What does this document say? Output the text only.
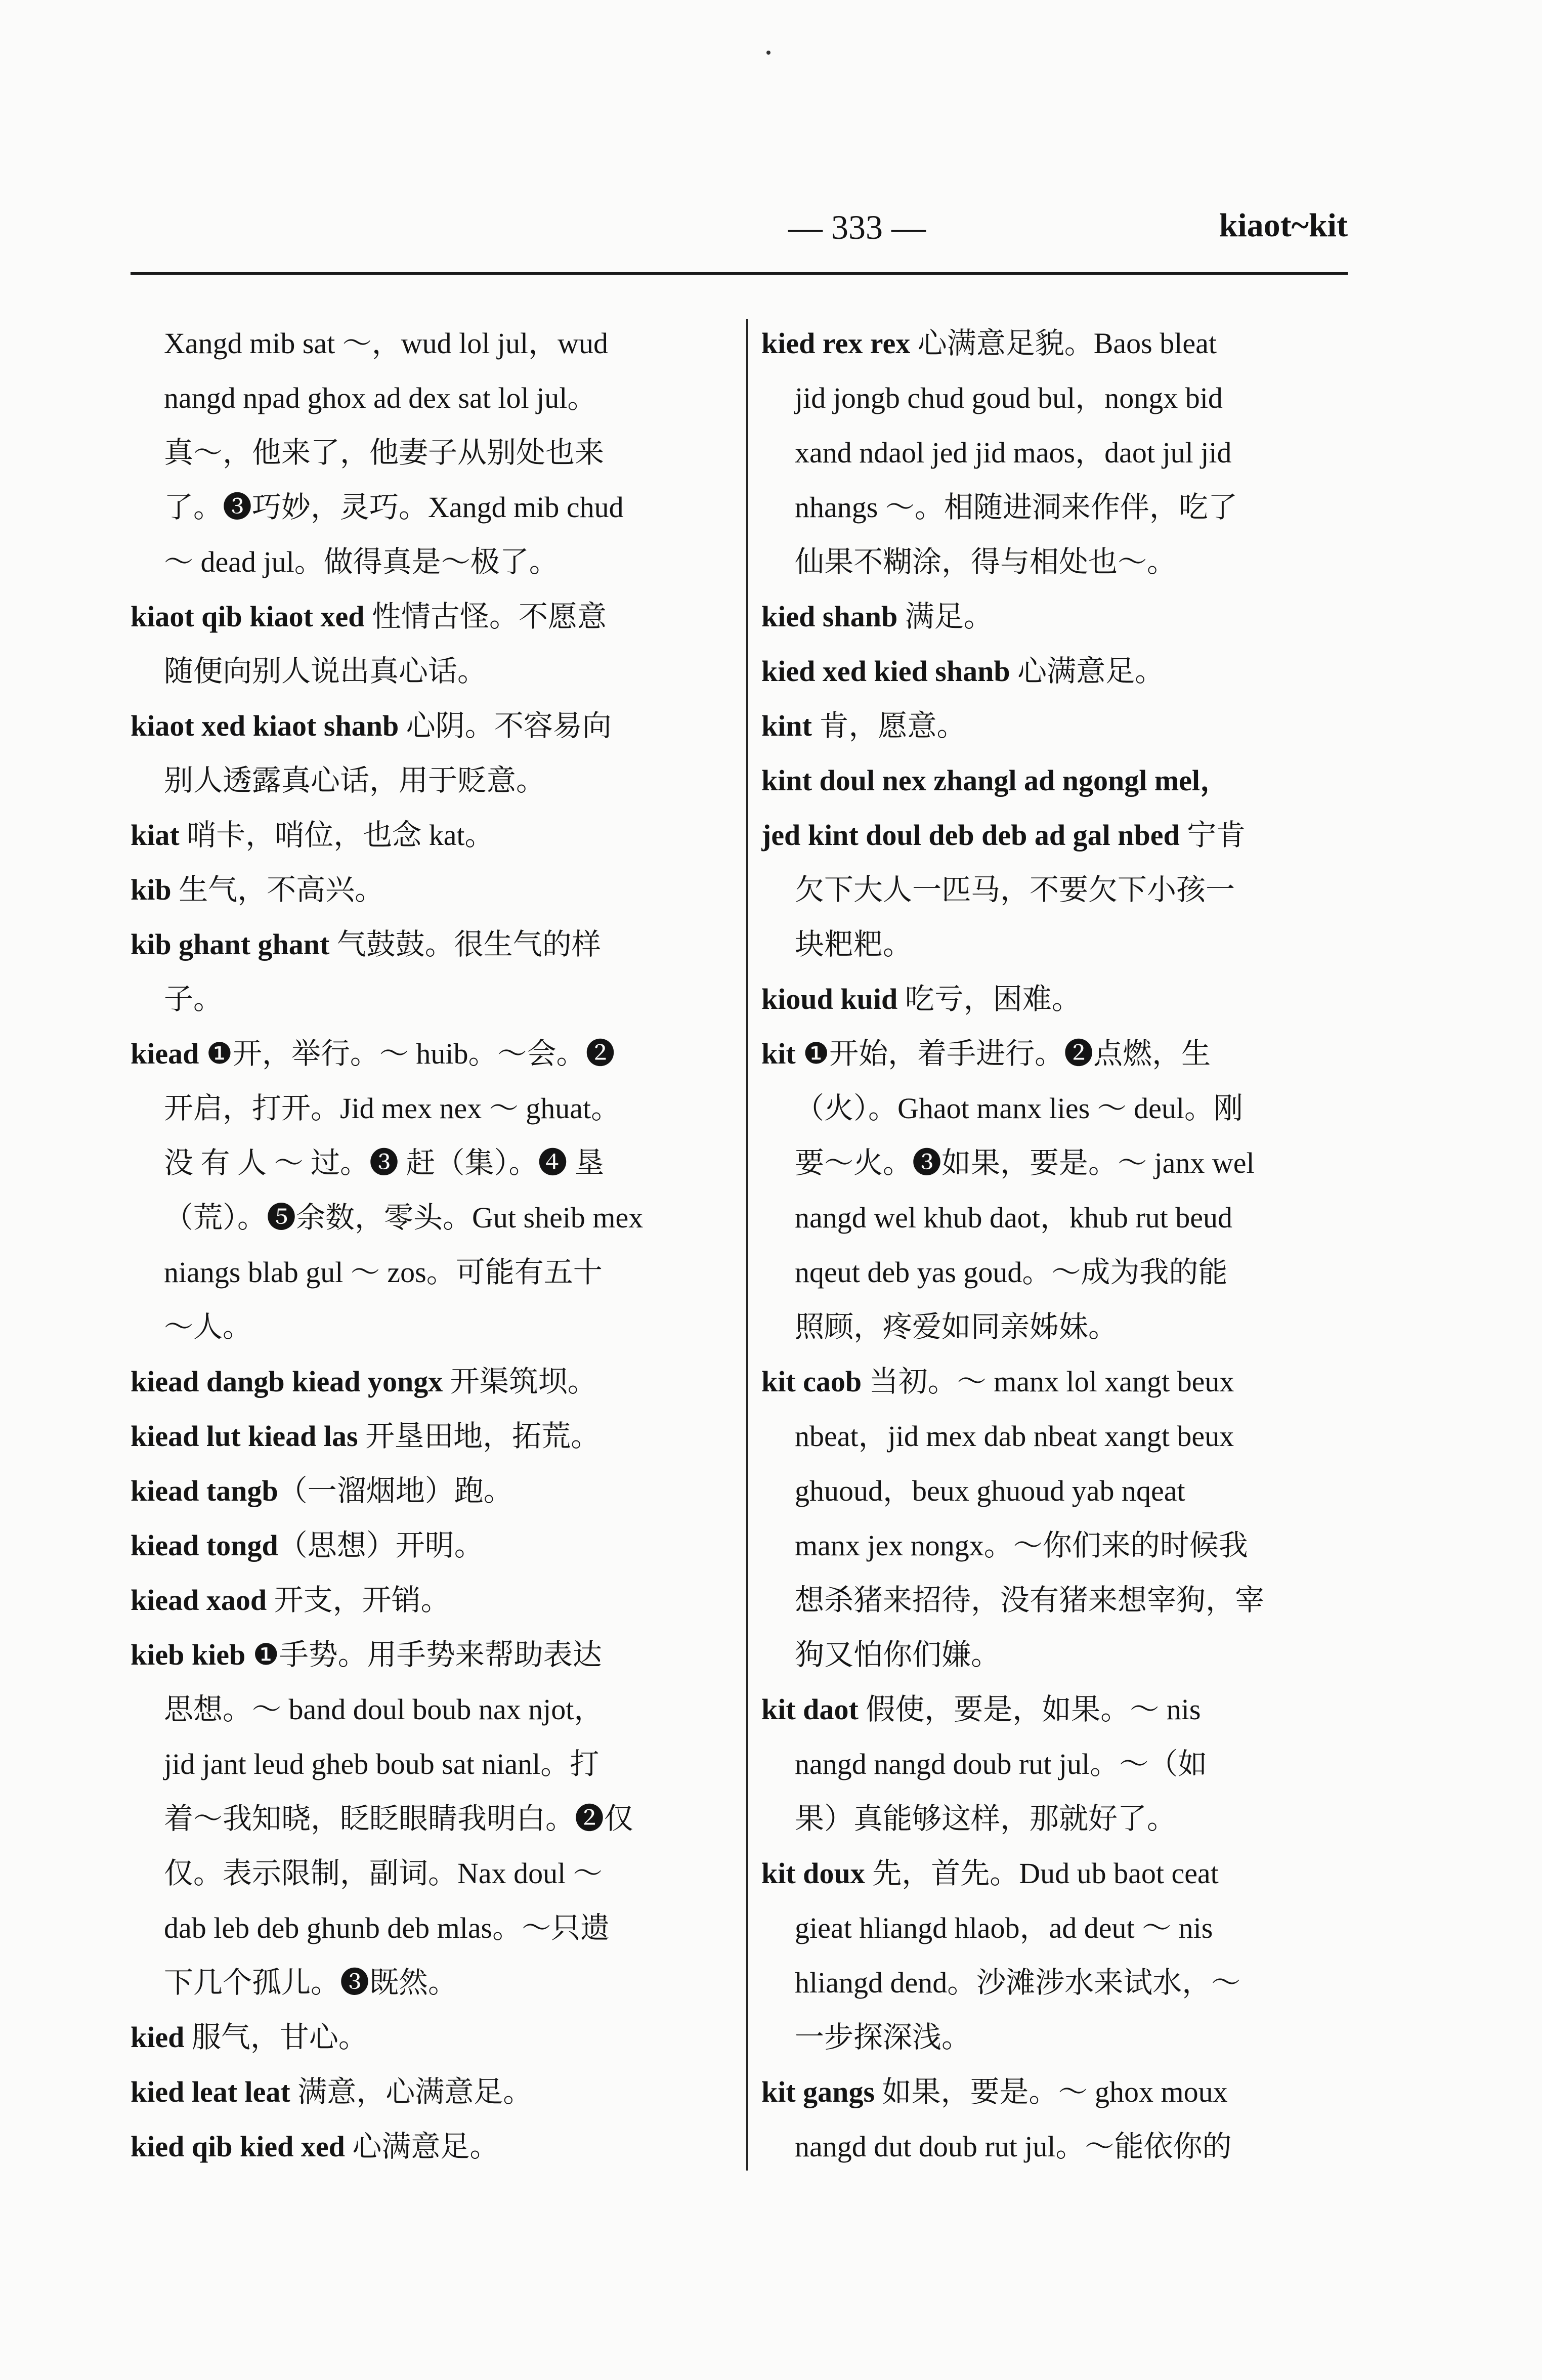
— 333 —	kiaot~kit
Xangd mib sat ～，wud lol jul，wud
nangd npad ghox ad dex sat lol jul。
真～，他来了，他妻子从别处也来
了。❸巧妙，灵巧。Xangd mib chud
～ dead jul。做得真是～极了。
kiaot qib kiaot xed 性情古怪。不愿意
随便向别人说出真心话。
kiaot xed kiaot shanb 心阴。不容易向
别人透露真心话，用于贬意。
kiat 哨卡，哨位，也念 kat。
kib 生气，不高兴。
kib ghant ghant 气鼓鼓。很生气的样
子。
kiead ❶开，举行。～ huib。～会。❷
开启，打开。Jid mex nex ～ ghuat。
没 有 人 ～ 过。❸ 赶（集）。❹ 垦
（荒）。❺余数，零头。Gut sheib mex
niangs blab gul ～ zos。可能有五十
～人。
kiead dangb kiead yongx 开渠筑坝。
kiead lut kiead las 开垦田地，拓荒。
kiead tangb（一溜烟地）跑。
kiead tongd（思想）开明。
kiead xaod 开支，开销。
kieb kieb ❶手势。用手势来帮助表达
思想。～ band doul boub nax njot，
jid jant leud gheb boub sat nianl。打
着～我知晓，眨眨眼睛我明白。❷仅
仅。表示限制，副词。Nax doul ～
dab leb deb ghunb deb mlas。～只遗
下几个孤儿。❸既然。
kied 服气，甘心。
kied leat leat 满意，心满意足。
kied qib kied xed 心满意足。
kied rex rex 心满意足貌。Baos bleat
jid jongb chud goud bul，nongx bid
xand ndaol jed jid maos，daot jul jid
nhangs ～。相随进洞来作伴，吃了
仙果不糊涂，得与相处也～。
kied shanb 满足。
kied xed kied shanb 心满意足。
kint 肯，愿意。
kint doul nex zhangl ad ngongl mel，
jed kint doul deb deb ad gal nbed 宁肯
欠下大人一匹马，不要欠下小孩一
块粑粑。
kioud kuid 吃亏，困难。
kit ❶开始，着手进行。❷点燃，生
（火）。Ghaot manx lies ～ deul。刚
要～火。❸如果，要是。～ janx wel
nangd wel khub daot，khub rut beud
nqeut deb yas goud。～成为我的能
照顾，疼爱如同亲姊妹。
kit caob 当初。～ manx lol xangt beux
nbeat，jid mex dab nbeat xangt beux
ghuoud，beux ghuoud yab nqeat
manx jex nongx。～你们来的时候我
想杀猪来招待，没有猪来想宰狗，宰
狗又怕你们嫌。
kit daot 假使，要是，如果。～ nis
nangd nangd doub rut jul。～（如
果）真能够这样，那就好了。
kit doux 先，首先。Dud ub baot ceat
gieat hliangd hlaob，ad deut ～ nis
hliangd dend。沙滩涉水来试水，～
一步探深浅。
kit gangs 如果，要是。～ ghox moux
nangd dut doub rut jul。～能依你的
